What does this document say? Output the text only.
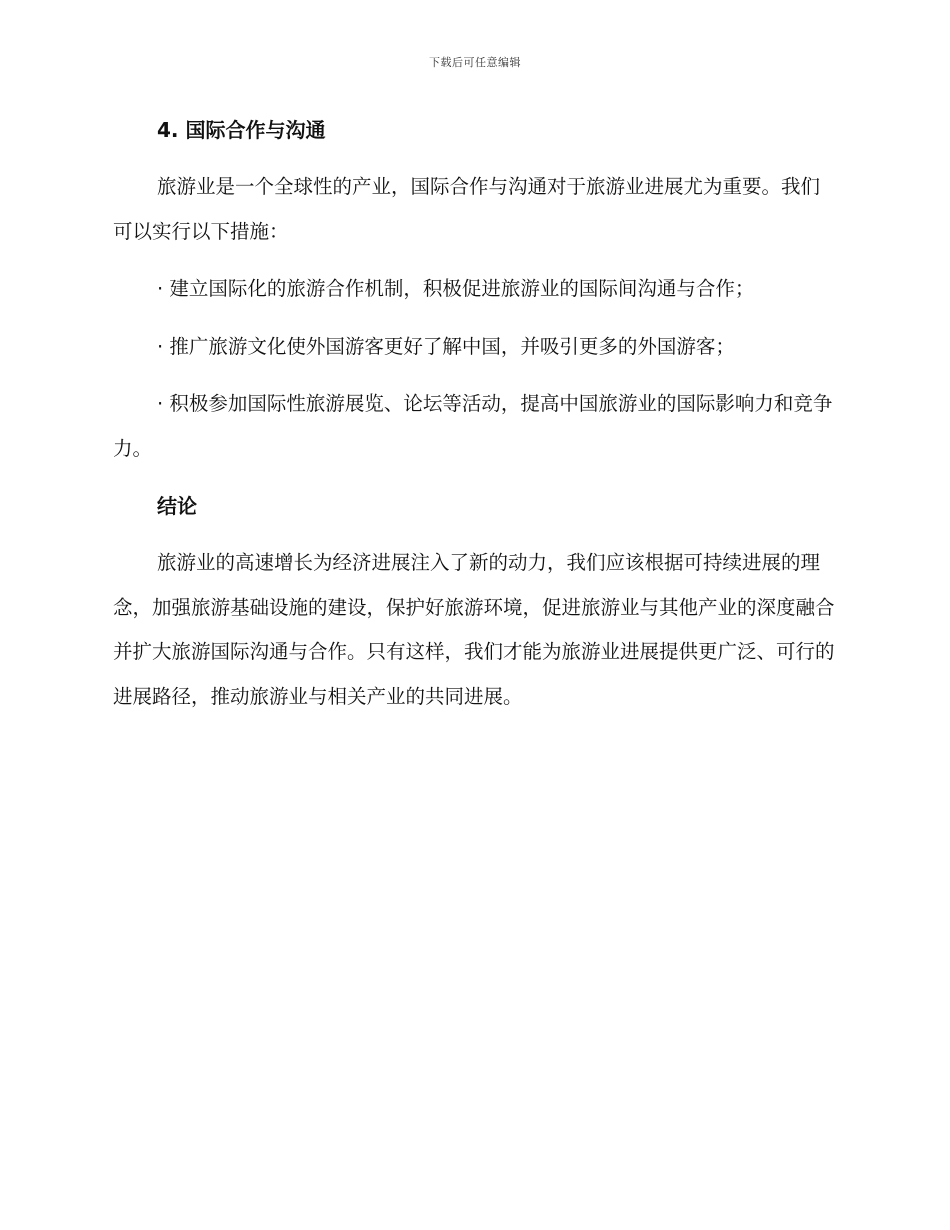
下载后可任意编辑
4. 国际合作与沟通

旅游业是一个全球性的产业，国际合作与沟通对于旅游业进展尤为重要。我们可以实行以下措施：

· 建立国际化的旅游合作机制，积极促进旅游业的国际间沟通与合作；

· 推广旅游文化使外国游客更好了解中国，并吸引更多的外国游客；

· 积极参加国际性旅游展览、论坛等活动，提高中国旅游业的国际影响力和竞争力。

结论

旅游业的高速增长为经济进展注入了新的动力，我们应该根据可持续进展的理念，加强旅游基础设施的建设，保护好旅游环境，促进旅游业与其他产业的深度融合并扩大旅游国际沟通与合作。只有这样，我们才能为旅游业进展提供更广泛、可行的进展路径，推动旅游业与相关产业的共同进展。
